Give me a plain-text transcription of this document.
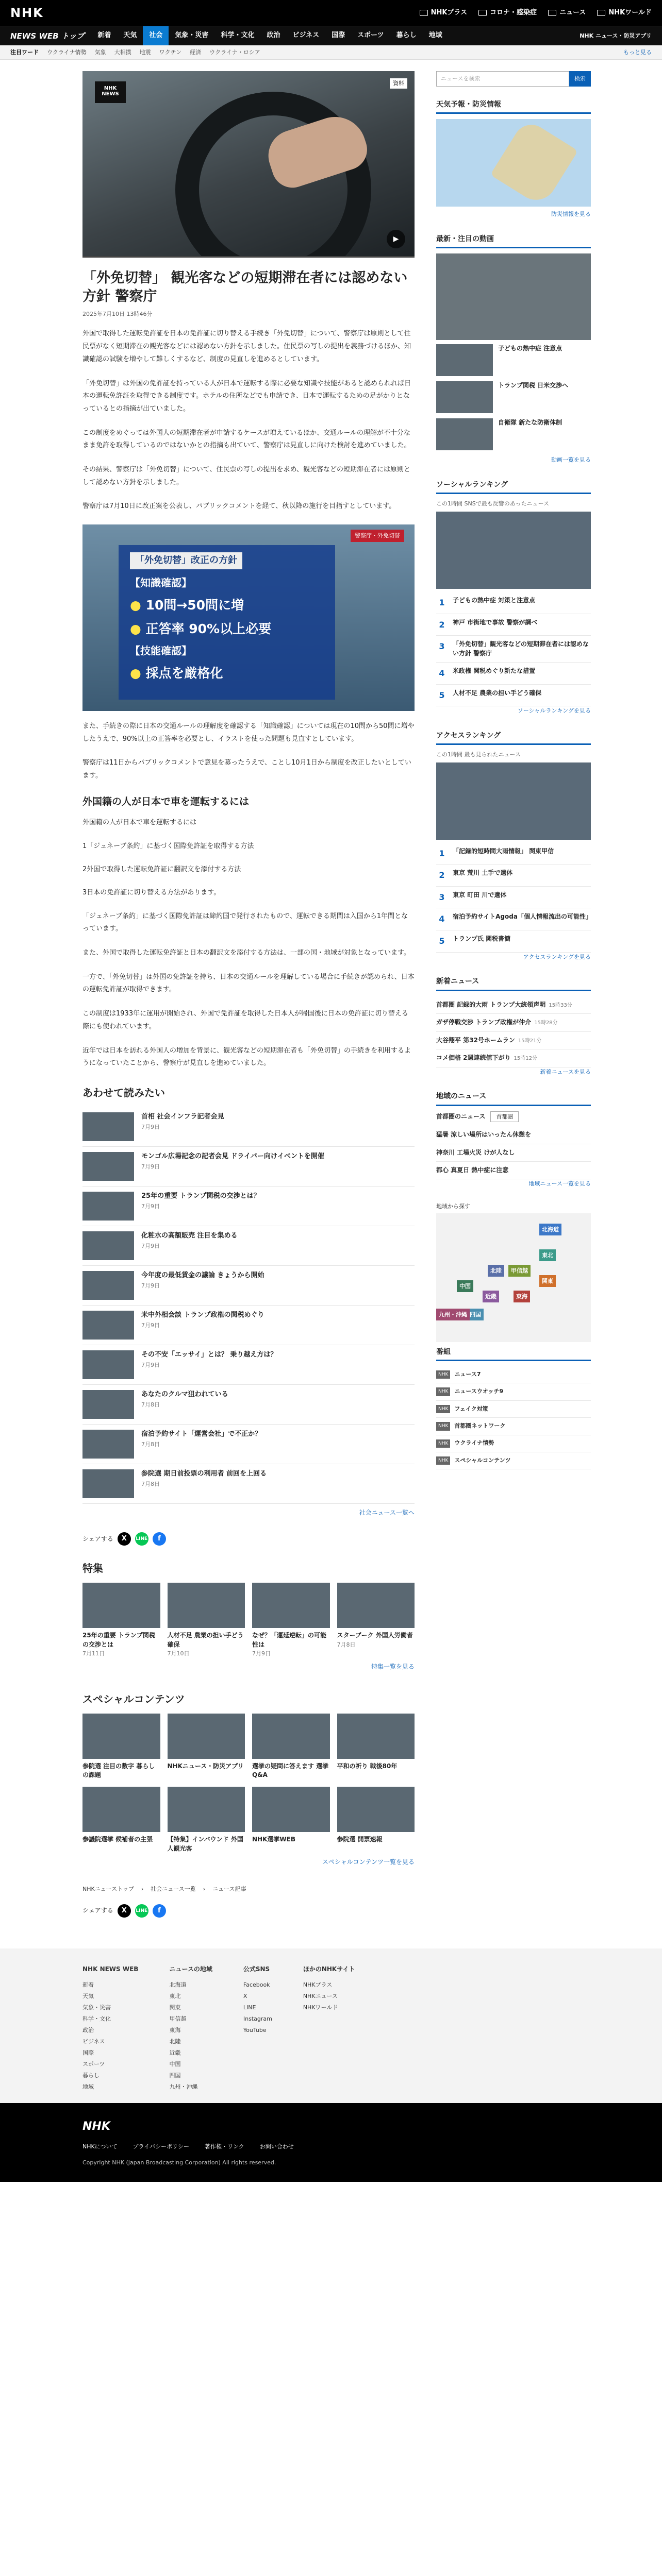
NHK	NHKプラス	コロナ・感染症	ニュース	NHKワールド
NEWS WEB トップ	新着	天気	社会	気象・災害	科学・文化	政治	ビジネス	国際	スポーツ	暮らし	地域	NHK ニュース・防災アプリ
注目ワード ウクライナ情勢 気象 大相撲 地震 ワクチン 経済 ウクライナ・ロシア	もっと見る
NHK NEWS
資料
▶
「外免切替」 観光客などの短期滞在者には認めない方針 警察庁
2025年7月10日 13時46分

外国で取得した運転免許証を日本の免許証に切り替える手続き「外免切替」について、警察庁は原則として住民票がなく短期滞在の観光客などには認めない方針を示しました。住民票の写しの提出を義務づけるほか、知識確認の試験を増やして難しくするなど、制度の見直しを進めるとしています。

「外免切替」は外国の免許証を持っている人が日本で運転する際に必要な知識や技能があると認められれば日本の運転免許証を取得できる制度です。ホテルの住所などでも申請でき、日本で運転するための足がかりとなっているとの指摘が出ていました。

この制度をめぐっては外国人の短期滞在者が申請するケースが増えているほか、交通ルールの理解が不十分なまま免許を取得しているのではないかとの指摘も出ていて、警察庁は見直しに向けた検討を進めていました。

その結果、警察庁は「外免切替」について、住民票の写しの提出を求め、観光客などの短期滞在者には原則として認めない方針を示しました。

警察庁は7月10日に改正案を公表し、パブリックコメントを経て、秋以降の施行を目指すとしています。

警察庁・外免切替
「外免切替」改正の方針
【知識確認】
● 10問→50問に増
● 正答率 90%以上必要
【技能確認】
● 採点を厳格化

また、手続きの際に日本の交通ルールの理解度を確認する「知識確認」については現在の10問から50問に増やしたうえで、90%以上の正答率を必要とし、イラストを使った問題も見直すとしています。

警察庁は11日からパブリックコメントで意見を募ったうえで、ことし10月1日から制度を改正したいとしています。

外国籍の人が日本で車を運転するには

外国籍の人が日本で車を運転するには

1「ジュネーブ条約」に基づく国際免許証を取得する方法

2外国で取得した運転免許証に翻訳文を添付する方法

3日本の免許証に切り替える方法があります。

「ジュネーブ条約」に基づく国際免許証は締約国で発行されたもので、運転できる期間は入国から1年間となっています。

また、外国で取得した運転免許証と日本の翻訳文を添付する方法は、一部の国・地域が対象となっています。

一方で、「外免切替」は外国の免許証を持ち、日本の交通ルールを理解している場合に手続きが認められ、日本の運転免許証が取得できます。

この制度は1933年に運用が開始され、外国で免許証を取得した日本人が帰国後に日本の免許証に切り替える際にも使われています。

近年では日本を訪れる外国人の増加を背景に、観光客などの短期滞在者も「外免切替」の手続きを利用するようになっていたことから、警察庁が見直しを進めていました。

あわせて読みたい
首相 社会インフラ記者会見
7月9日
モンゴル広場記念の記者会見 ドライバー向けイベントを開催
7月9日
25年の重要 トランプ関税の交渉とは？
7月9日
化粧水の高額販売 注目を集める
7月9日
今年度の最低賃金の議論 きょうから開始
7月9日
米中外相会談 トランプ政権の関税めぐり
7月9日
その不安「エッサイ」とは？ 乗り越え方は？
7月9日
あなたのクルマ狙われている
7月8日
宿泊予約サイト「運営会社」で不正か？
7月8日
参院選 期日前投票の利用者 前回を上回る
7月8日
社会ニュース一覧へ
シェアする	X	LINE	f
特集
25年の重要 トランプ関税の交渉とは
7月11日
人材不足 農業の担い手どう確保
7月10日
なぜ？「運延逆転」の可能性は
7月9日
スターブーク 外国人労働者
7月8日
特集一覧を見る
スペシャルコンテンツ
参院選 注目の数字 暮らしの課題
NHKニュース・防災アプリ 選挙の疑問に答えます 選挙Q&A
平和の祈り 戦後80年
参議院選挙 候補者の主張	【特集】インバウンド 外国人観光客
NHK選挙WEB	参院選 開票速報
スペシャルコンテンツ一覧を見る
NHKニューストップ › 社会ニュース一覧 › ニュース記事
シェアする	X	LINE	f
ニュースを検索	検索
天気予報・防災情報
防災情報を見る
最新・注目の動画
子どもの熱中症 注意点
トランプ関税 日米交渉へ
自衛隊 新たな防衛体制
動画一覧を見る
ソーシャルランキング
この1時間 SNSで最も反響のあったニュース
1	子どもの熱中症 対策と注意点
2	神戸 市街地で事故 警察が調べ
3	「外免切替」観光客などの短期滞在者には認めない方針 警察庁
4	米政権 関税めぐり新たな措置
5	人材不足 農業の担い手どう確保
ソーシャルランキングを見る
アクセスランキング
この1時間 最も見られたニュース
1	「記録的短時間大雨情報」 関東甲信
2	東京 荒川 土手で遺体
3	東京 町田 川で遺体
4	宿泊予約サイトAgoda「個人情報流出の可能性」
5	トランプ氏 関税書簡
アクセスランキングを見る
新着ニュース
首都圏 記録的大雨 トランプ大統領声明 15時33分
ガザ停戦交渉 トランプ政権が仲介 15時28分
大谷翔平 第32号ホームラン 15時21分
コメ価格 2週連続値下がり 15時12分
新着ニュースを見る
地域のニュース
首都圏のニュース	首都圏
猛暑 涼しい場所はいったん休憩を
神奈川 工場火災 けが人なし
都心 真夏日 熱中症に注意
地域ニュース一覧を見る
地域から探す
北海道
東北
関東
甲信越
東海
近畿
中国
四国
九州・沖縄
北陸
番組
NHK	ニュース7
NHK	ニュースウオッチ9
NHK	フェイク対策
NHK	首都圏ネットワーク
NHK	ウクライナ情勢
NHK	スペシャルコンテンツ
NHK NEWS WEB
新着
天気
気象・災害
科学・文化
政治
ビジネス
国際
スポーツ
暮らし
地域
ニュースの地域
北海道
東北
関東
甲信越
東海
北陸
近畿
中国
四国
九州・沖縄
公式SNS
Facebook
X
LINE
Instagram
YouTube
ほかのNHKサイト
NHKプラス
NHKニュース
NHKワールド
NHK
NHKについて	プライバシーポリシー	著作権・リンク	お問い合わせ
Copyright NHK (Japan Broadcasting Corporation) All rights reserved.
